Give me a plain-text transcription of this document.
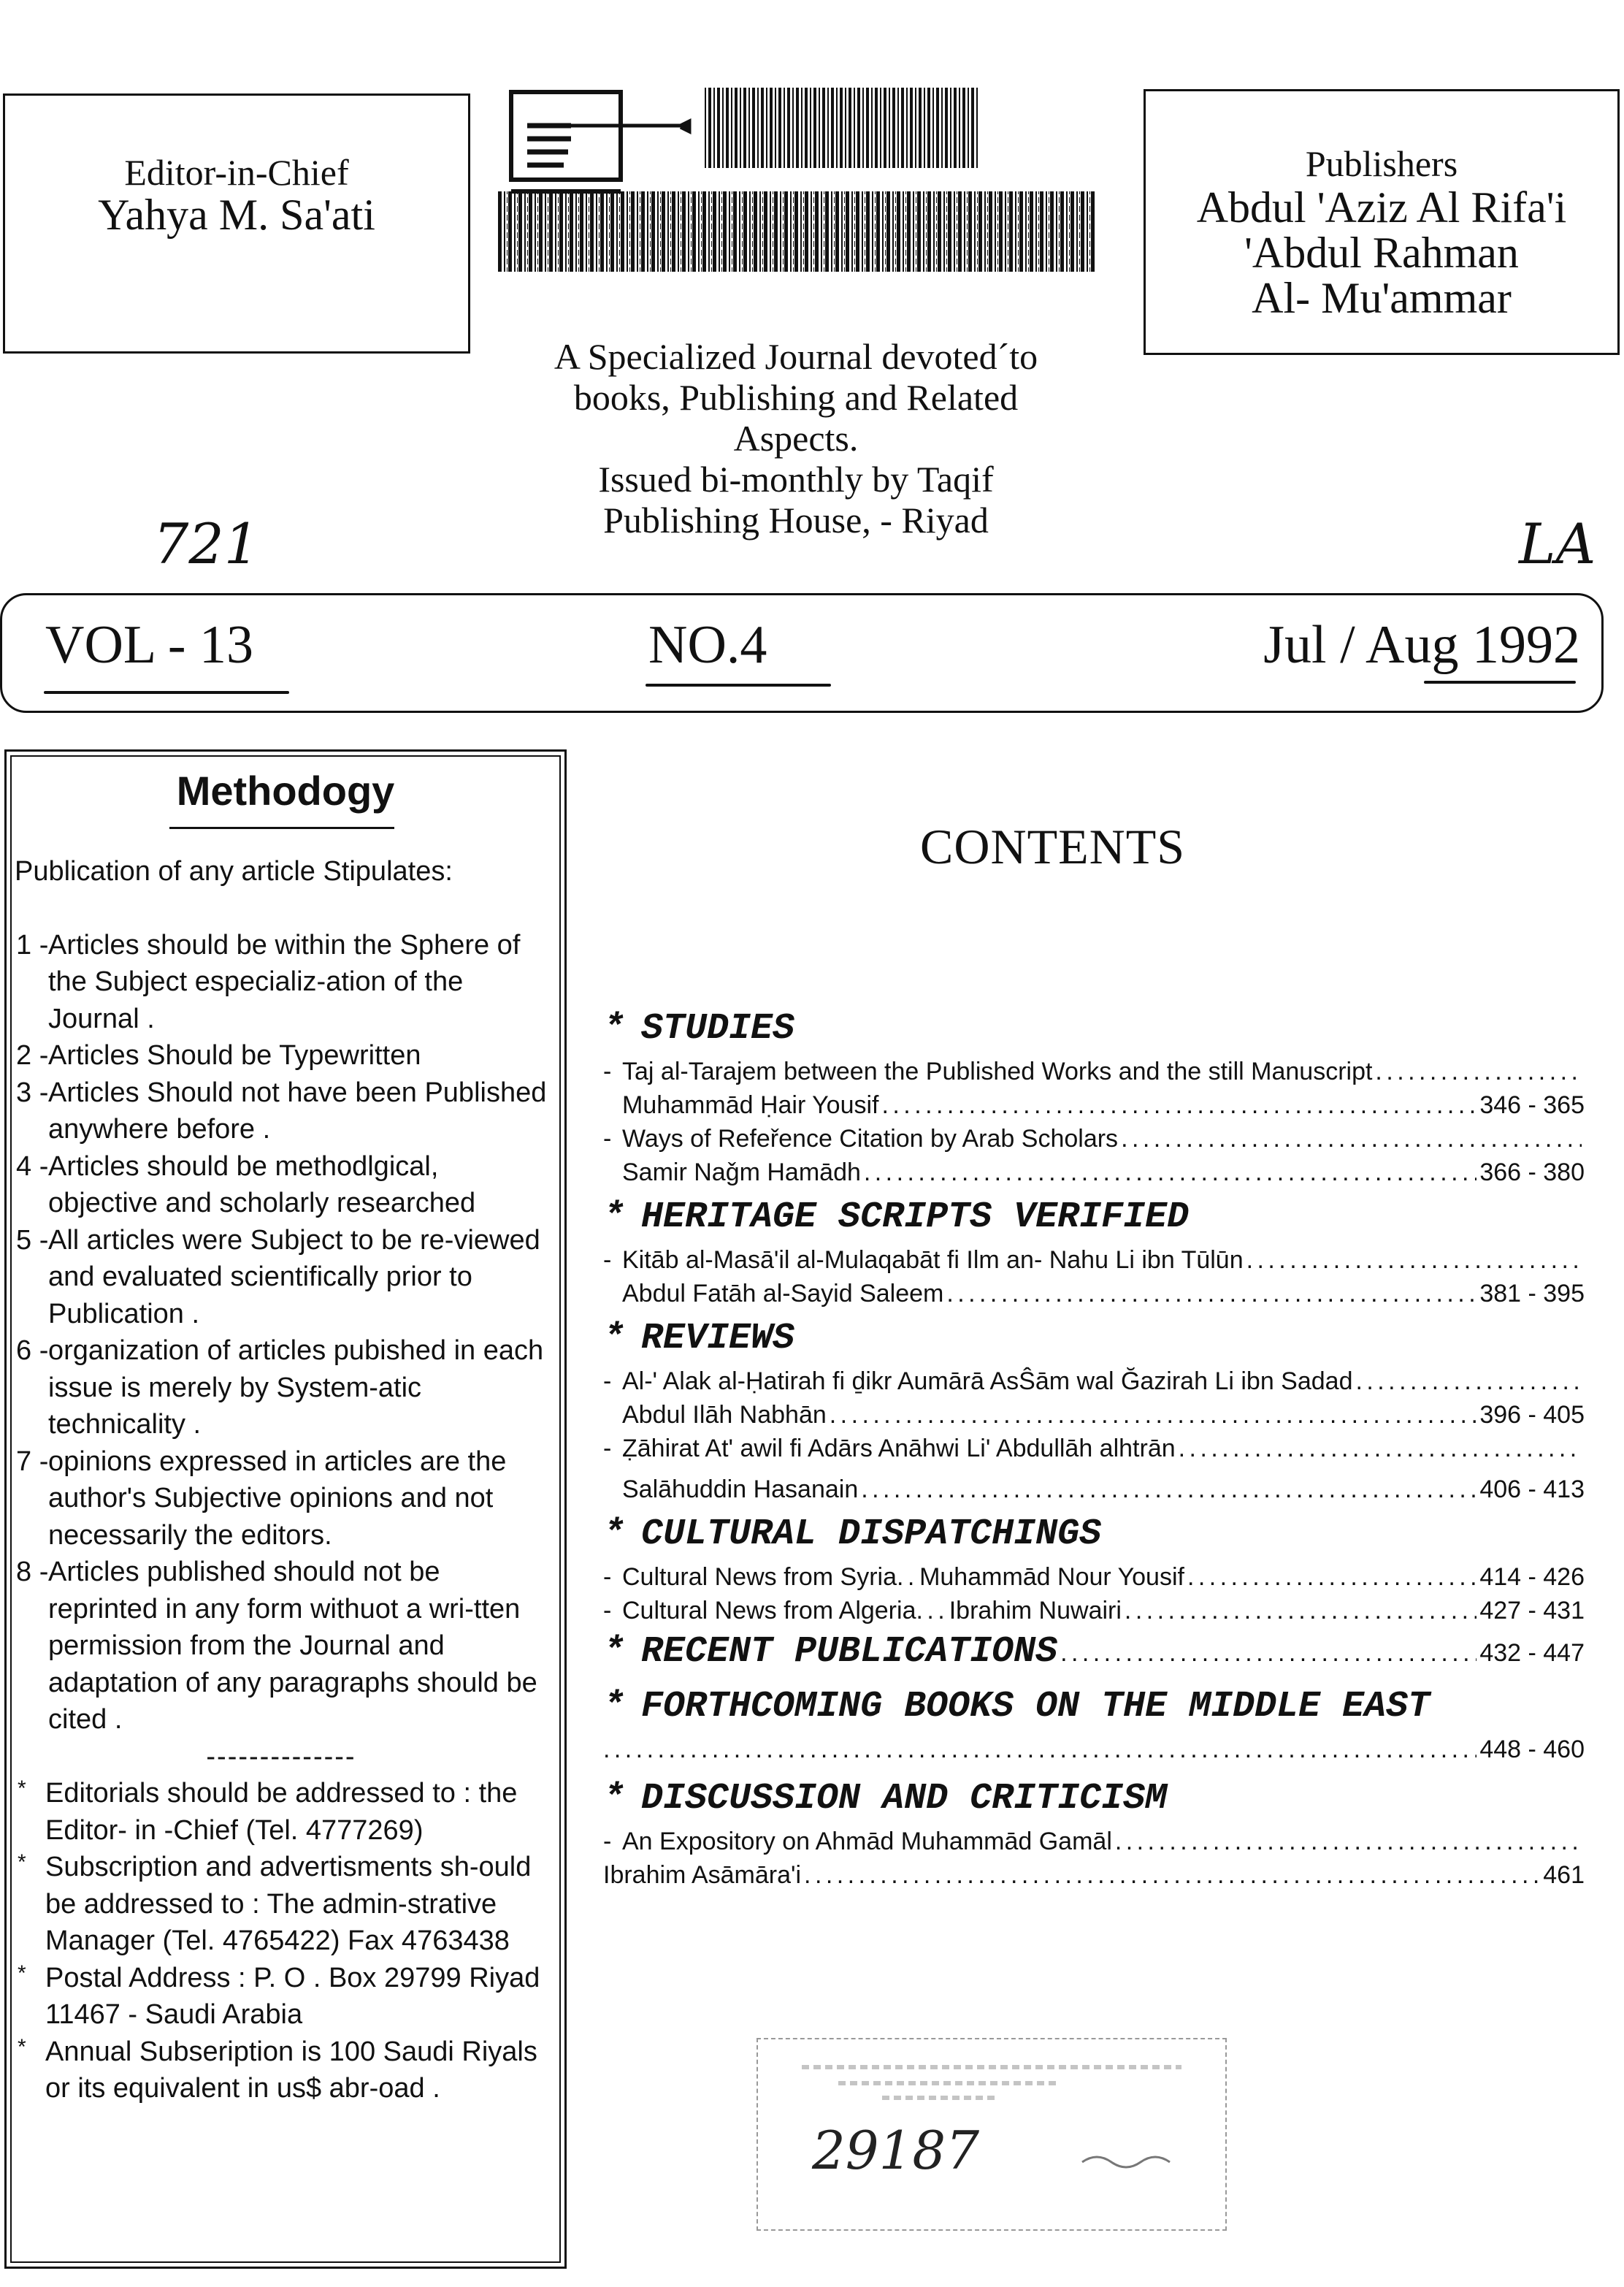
Editor-in-Chief
Yahya M. Sa'ati
Publishers
Abdul 'Aziz Al Rifa'i
'Abdul Rahman
Al- Mu'ammar
A Specialized Journal devoted´to
books, Publishing and Related
Aspects.
Issued bi-monthly by Taqif
Publishing House, - Riyad
721	LA
VOL - 13	NO.4	Jul / Aug 1992
Methodogy

Publication of any article Stipulates:

1 - Articles should be within the Sphere of the Subject especializ-ation of the Journal .
2 - Articles Should be Typewritten
3 - Articles Should not have been Published anywhere before .
4 - Articles should be methodlgical, objective and scholarly researched
5 - All articles were Subject to be re-viewed and evaluated scientifically prior to Publication .
6 - organization of articles pubished in each issue is merely by System-atic technicality .
7 - opinions expressed in articles are the author's Subjective opinions and not necessarily the editors.
8 - Articles published should not be reprinted in any form withuot a wri-tten permission from the Journal and adaptation of any paragraphs should be cited .

--------------

* Editorials should be addressed to : the Editor- in -Chief (Tel. 4777269)
* Subscription and advertisments sh-ould be addressed to : The admin-strative Manager (Tel. 4765422) Fax 4763438
* Postal Address : P. O . Box 29799 Riyad 11467 - Saudi Arabia
* Annual Subseription is 100 Saudi Riyals or its equivalent in us$ abr-oad .
CONTENTS
* STUDIES
- Taj al-Tarajem between the Published Works and the still Manuscript
. . .
Muhammād Ḥair Yousif . . .	346 - 365
- Ways of Refeřence Citation by Arab Scholars
. . .
Samir Naǧm Hamādh . . .	366 - 380
* HERITAGE SCRIPTS VERIFIED
- Kitāb al-Masā'il al-Mulaqabāt fi Ilm an- Nahu Li ibn Tūlūn
. . .
Abdul Fatāh al-Sayid Saleem . . .	381 - 395
* REVIEWS
- Al-' Alak al-Ḥatirah fi ḏikr Aumārā AsŜām wal Ğazirah Li ibn Sadad
. . .
Abdul Ilāh Nabhān . . .	396 - 405
- Ẓāhirat At' awil fi Adārs Anāhwi Li' Abdullāh alhtrān
. . .
Salāhuddin Hasanain . . .	406 - 413
* CULTURAL DISPATCHINGS
- Cultural News from Syria . . . Muhammād Nour Yousif . . .	414 - 426
- Cultural News from Algeria . . . Ibrahim Nuwairi . . .	427 - 431
* RECENT PUBLICATIONS . . .	432 - 447
* FORTHCOMING BOOKS ON THE MIDDLE EAST
. . .
448 - 460
* DISCUSSION AND CRITICISM
- An Expository on Ahmād Muhammād Gamāl
. . .
Ibrahim Asāmāra'i . . .	461
29187
